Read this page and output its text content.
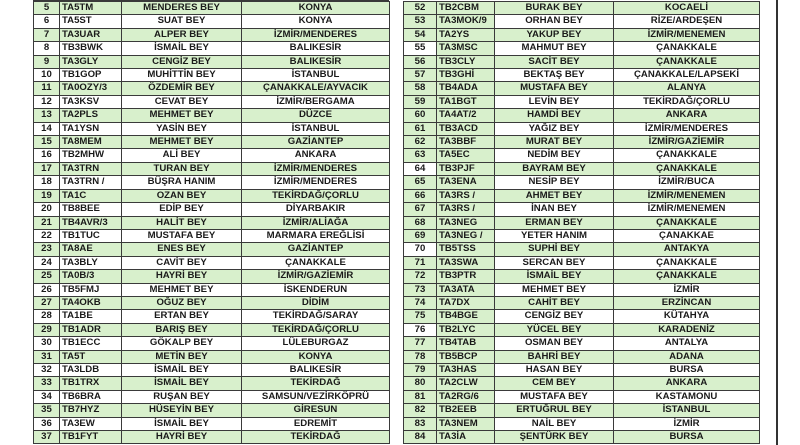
5	TA5TM	MENDERES BEY	KONYA
6	TA5ST	SUAT BEY	KONYA
7	TA3UAR	ALPER BEY	İZMİR/MENDERES
8	TB3BWK	İSMAİL BEY	BALIKESİR
9	TA3GLY	CENGİZ BEY	BALIKESİR
10	TB1GOP	MUHİTTİN BEY	İSTANBUL
11	TA0OZY/3	ÖZDEMİR BEY	ÇANAKKALE/AYVACIK
12	TA3KSV	CEVAT BEY	İZMİR/BERGAMA
13	TA2PLS	MEHMET BEY	DÜZCE
14	TA1YSN	YASİN BEY	İSTANBUL
15	TA8MEM	MEHMET BEY	GAZİANTEP
16	TB2MHW	ALİ BEY	ANKARA
17	TA3TRN	TURAN BEY	İZMİR/MENDERES
18	TA3TRN /	BÜŞRA HANIM	İZMİR/MENDERES
19	TA1C	OZAN BEY	TEKİRDAĞ/ÇORLU
20	TB8BEE	EDİP BEY	DİYARBAKIR
21	TB4AVR/3	HALİT BEY	İZMİR/ALİAĞA
22	TB1TUC	MUSTAFA BEY	MARMARA EREĞLİSİ
23	TA8AE	ENES BEY	GAZİANTEP
24	TA3BLY	CAVİT BEY	ÇANAKKALE
25	TA0B/3	HAYRİ BEY	İZMİR/GAZİEMİR
26	TB5FMJ	MEHMET BEY	İSKENDERUN
27	TA4OKB	OĞUZ BEY	DİDİM
28	TA1BE	ERTAN BEY	TEKİRDAĞ/SARAY
29	TB1ADR	BARIŞ BEY	TEKİRDAĞ/ÇORLU
30	TB1ECC	GÖKALP BEY	LÜLEBURGAZ
31	TA5T	METİN BEY	KONYA
32	TA3LDB	İSMAİL BEY	BALIKESİR
33	TB1TRX	İSMAİL BEY	TEKİRDAĞ
34	TB6BRA	RUŞAN BEY	SAMSUN/VEZİRKÖPRÜ
35	TB7HYZ	HÜSEYİN BEY	GİRESUN
36	TA3EW	İSMAİL BEY	EDREMİT
37	TB1FYT	HAYRİ BEY	TEKİRDAĞ
52	TB2CBM	BURAK BEY	KOCAELİ
53	TA3MOK/9	ORHAN BEY	RİZE/ARDEŞEN
54	TA2YS	YAKUP BEY	İZMİR/MENEMEN
55	TA3MSC	MAHMUT BEY	ÇANAKKALE
56	TB3CLY	SACİT BEY	ÇANAKKALE
57	TB3GHİ	BEKTAŞ BEY	ÇANAKKALE/LAPSEKİ
58	TB4ADA	MUSTAFA BEY	ALANYA
59	TA1BGT	LEVİN BEY	TEKİRDAĞ/ÇORLU
60	TA4AT/2	HAMDİ BEY	ANKARA
61	TB3ACD	YAĞIZ BEY	İZMİR/MENDERES
62	TA3BBF	MURAT BEY	İZMİR/GAZİEMİR
63	TA5EC	NEDİM BEY	ÇANAKKALE
64	TB3PJF	BAYRAM BEY	ÇANAKKALE
65	TA3ENA	NESİP BEY	İZMİR/BUCA
66	TA3RS /	AHMET BEY	İZMİR/MENEMEN
67	TA3RS /	İNAN BEY	İZMİR/MENEMEN
68	TA3NEG	ERMAN BEY	ÇANAKKALE
69	TA3NEG /	YETER HANIM	ÇANAKKAE
70	TB5TSS	SUPHİ BEY	ANTAKYA
71	TA3SWA	SERCAN BEY	ÇANAKKALE
72	TB3PTR	İSMAİL BEY	ÇANAKKALE
73	TA3ATA	MEHMET BEY	İZMİR
74	TA7DX	CAHİT BEY	ERZİNCAN
75	TB4BGE	CENGİZ BEY	KÜTAHYA
76	TB2LYC	YÜCEL BEY	KARADENİZ
77	TB4TAB	OSMAN BEY	ANTALYA
78	TB5BCP	BAHRİ BEY	ADANA
79	TA3HAS	HASAN BEY	BURSA
80	TA2CLW	CEM BEY	ANKARA
81	TA2RG/6	MUSTAFA BEY	KASTAMONU
82	TB2EEB	ERTUĞRUL BEY	İSTANBUL
83	TA3NEM	NAİL BEY	İZMİR
84	TA3İA	ŞENTÜRK BEY	BURSA
